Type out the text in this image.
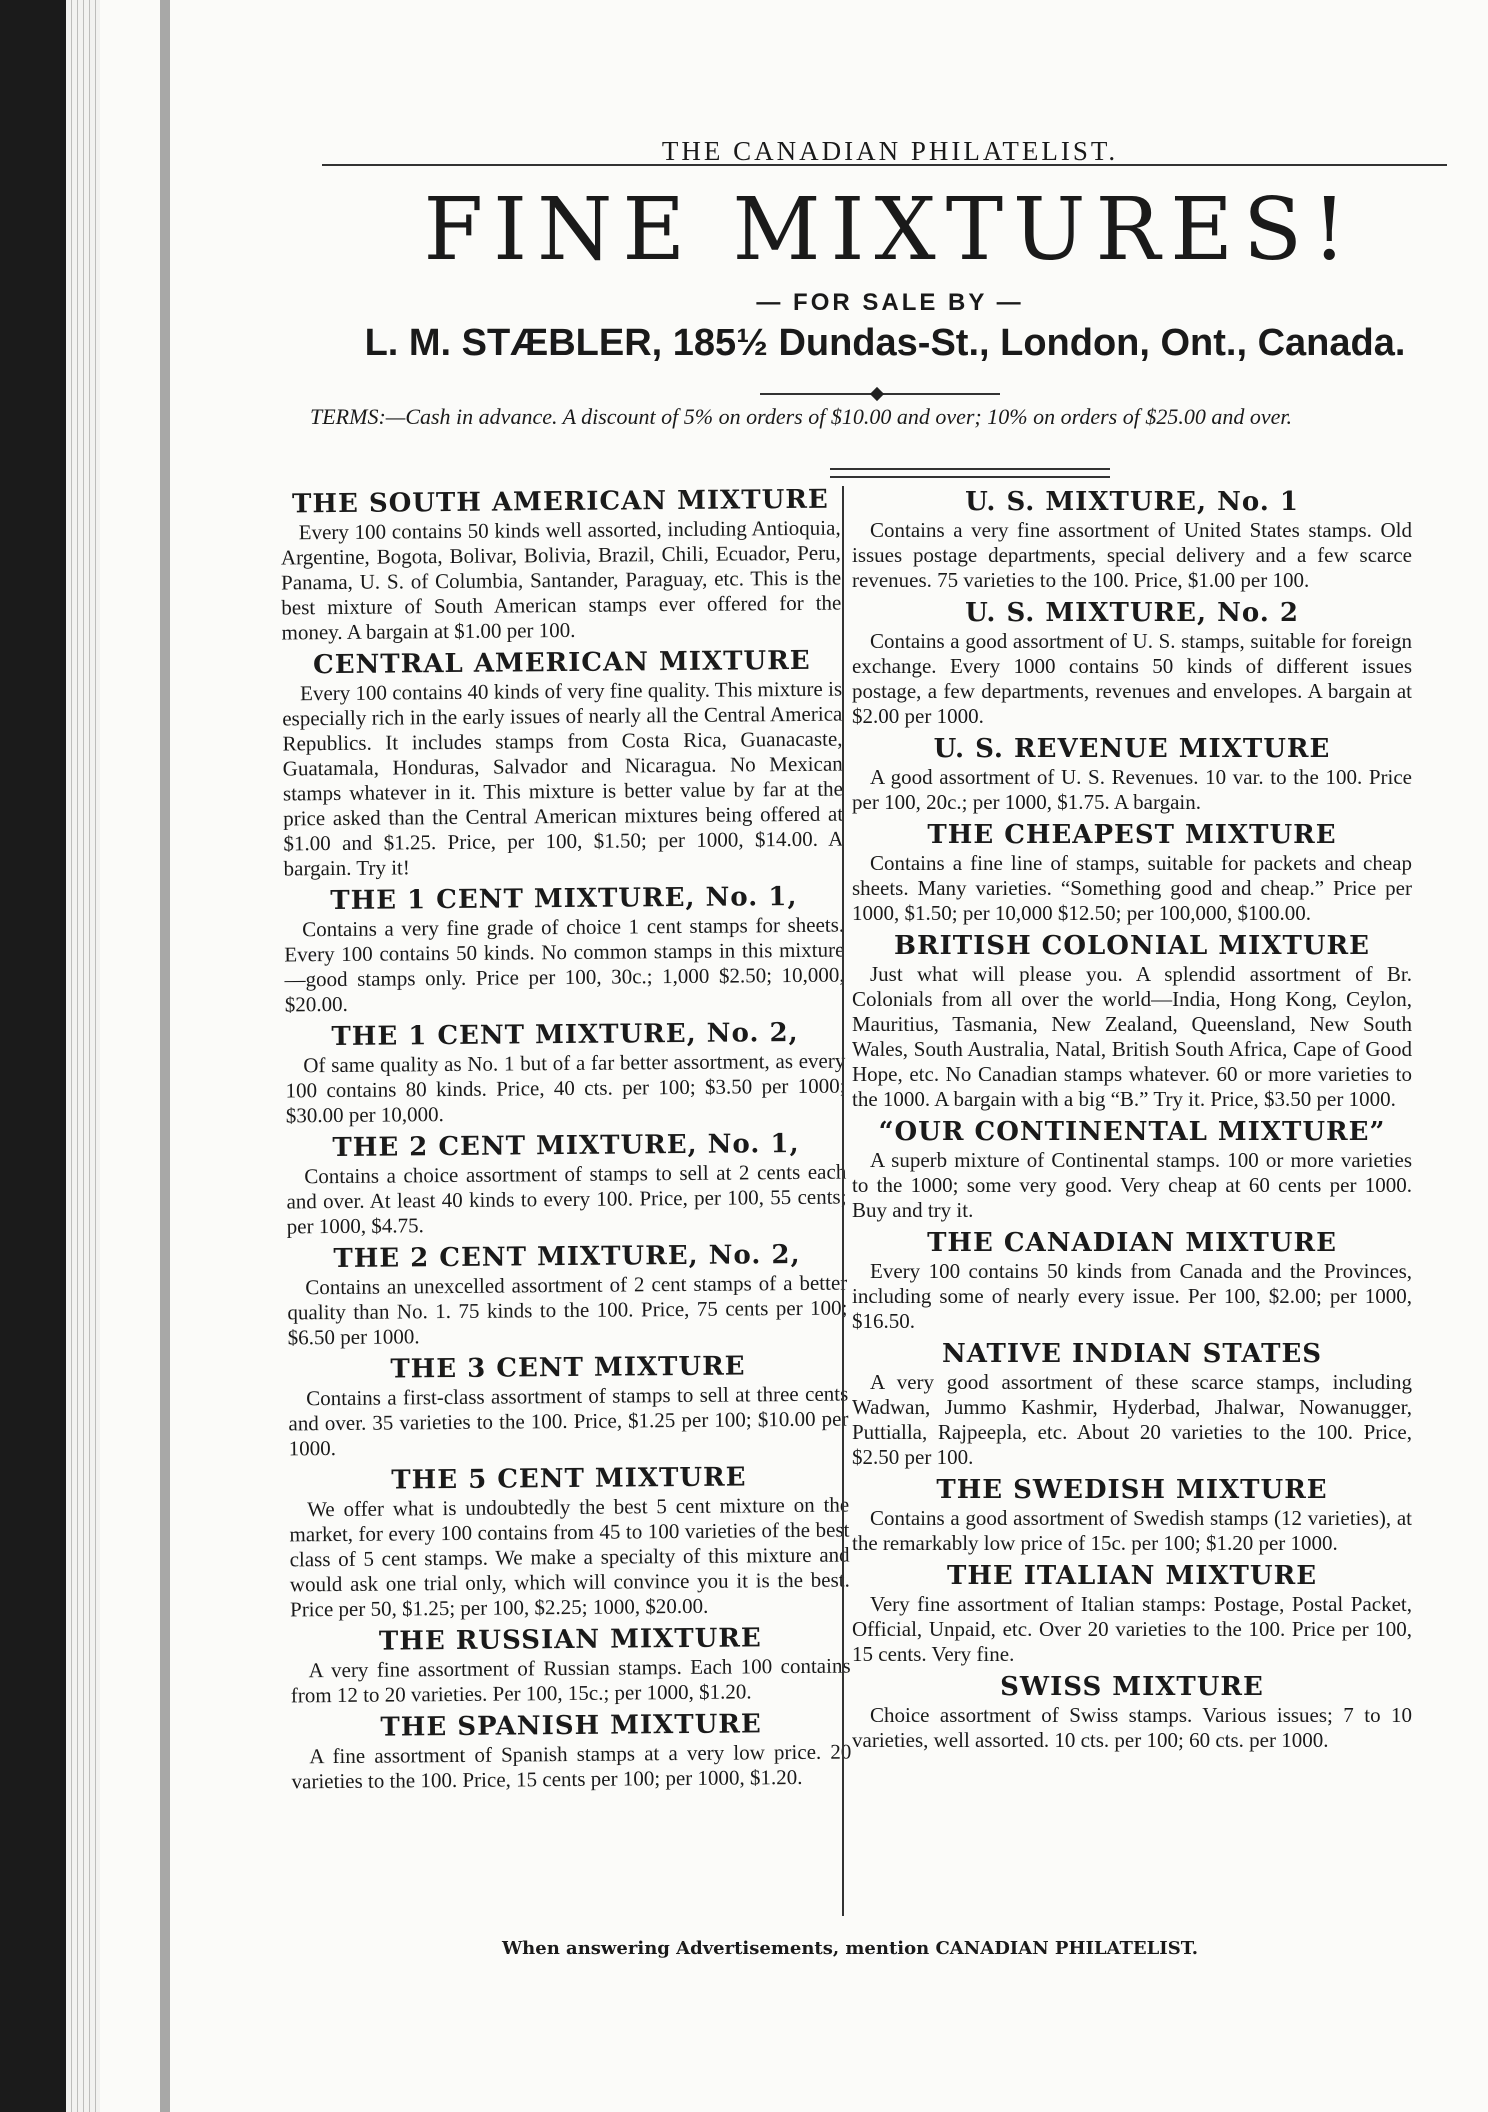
THE CANADIAN PHILATELIST.
FINE MIXTURES!
— FOR SALE BY —
L. M. STÆBLER, 185½ Dundas-St., London, Ont., Canada.
TERMS:—Cash in advance. A discount of 5% on orders of $10.00 and over; 10% on orders of $25.00 and over.
THE SOUTH AMERICAN MIXTURE

Every 100 contains 50 kinds well assorted, including Antioquia, Argentine, Bogota, Bolivar, Bolivia, Brazil, Chili, Ecuador, Peru, Panama, U. S. of Columbia, Santander, Paraguay, etc. This is the best mixture of South American stamps ever offered for the money. A bargain at $1.00 per 100.

CENTRAL AMERICAN MIXTURE

Every 100 contains 40 kinds of very fine quality. This mixture is especially rich in the early issues of nearly all the Central America Republics. It includes stamps from Costa Rica, Guanacaste, Guatamala, Honduras, Salvador and Nicaragua. No Mexican stamps whatever in it. This mixture is better value by far at the price asked than the Central American mixtures being offered at $1.00 and $1.25. Price, per 100, $1.50; per 1000, $14.00. A bargain. Try it!

THE 1 CENT MIXTURE, No. 1,

Contains a very fine grade of choice 1 cent stamps for sheets. Every 100 contains 50 kinds. No common stamps in this mixture—good stamps only. Price per 100, 30c.; 1,000 $2.50; 10,000, $20.00.

THE 1 CENT MIXTURE, No. 2,

Of same quality as No. 1 but of a far better assortment, as every 100 contains 80 kinds. Price, 40 cts. per 100; $3.50 per 1000; $30.00 per 10,000.

THE 2 CENT MIXTURE, No. 1,

Contains a choice assortment of stamps to sell at 2 cents each and over. At least 40 kinds to every 100. Price, per 100, 55 cents; per 1000, $4.75.

THE 2 CENT MIXTURE, No. 2,

Contains an unexcelled assortment of 2 cent stamps of a better quality than No. 1. 75 kinds to the 100. Price, 75 cents per 100; $6.50 per 1000.

THE 3 CENT MIXTURE

Contains a first-class assortment of stamps to sell at three cents and over. 35 varieties to the 100. Price, $1.25 per 100; $10.00 per 1000.

THE 5 CENT MIXTURE

We offer what is undoubtedly the best 5 cent mixture on the market, for every 100 contains from 45 to 100 varieties of the best class of 5 cent stamps. We make a specialty of this mixture and would ask one trial only, which will convince you it is the best. Price per 50, $1.25; per 100, $2.25; 1000, $20.00.

THE RUSSIAN MIXTURE

A very fine assortment of Russian stamps. Each 100 contains from 12 to 20 varieties. Per 100, 15c.; per 1000, $1.20.

THE SPANISH MIXTURE

A fine assortment of Spanish stamps at a very low price. 20 varieties to the 100. Price, 15 cents per 100; per 1000, $1.20.

U. S. MIXTURE, No. 1

Contains a very fine assortment of United States stamps. Old issues postage departments, special delivery and a few scarce revenues. 75 varieties to the 100. Price, $1.00 per 100.

U. S. MIXTURE, No. 2

Contains a good assortment of U. S. stamps, suitable for foreign exchange. Every 1000 contains 50 kinds of different issues postage, a few departments, revenues and envelopes. A bargain at $2.00 per 1000.

U. S. REVENUE MIXTURE

A good assortment of U. S. Revenues. 10 var. to the 100. Price per 100, 20c.; per 1000, $1.75. A bargain.

THE CHEAPEST MIXTURE

Contains a fine line of stamps, suitable for packets and cheap sheets. Many varieties. “Something good and cheap.” Price per 1000, $1.50; per 10,000 $12.50; per 100,000, $100.00.

BRITISH COLONIAL MIXTURE

Just what will please you. A splendid assortment of Br. Colonials from all over the world—India, Hong Kong, Ceylon, Mauritius, Tasmania, New Zealand, Queensland, New South Wales, South Australia, Natal, British South Africa, Cape of Good Hope, etc. No Canadian stamps whatever. 60 or more varieties to the 1000. A bargain with a big “B.” Try it. Price, $3.50 per 1000.

“OUR CONTINENTAL MIXTURE”

A superb mixture of Continental stamps. 100 or more varieties to the 1000; some very good. Very cheap at 60 cents per 1000. Buy and try it.

THE CANADIAN MIXTURE

Every 100 contains 50 kinds from Canada and the Provinces, including some of nearly every issue. Per 100, $2.00; per 1000, $16.50.

NATIVE INDIAN STATES

A very good assortment of these scarce stamps, including Wadwan, Jummo Kashmir, Hyderbad, Jhalwar, Nowanugger, Puttialla, Rajpeepla, etc. About 20 varieties to the 100. Price, $2.50 per 100.

THE SWEDISH MIXTURE

Contains a good assortment of Swedish stamps (12 varieties), at the remarkably low price of 15c. per 100; $1.20 per 1000.

THE ITALIAN MIXTURE

Very fine assortment of Italian stamps: Postage, Postal Packet, Official, Unpaid, etc. Over 20 varieties to the 100. Price per 100, 15 cents. Very fine.

SWISS MIXTURE

Choice assortment of Swiss stamps. Various issues; 7 to 10 varieties, well assorted. 10 cts. per 100; 60 cts. per 1000.

When answering Advertisements, mention CANADIAN PHILATELIST.
